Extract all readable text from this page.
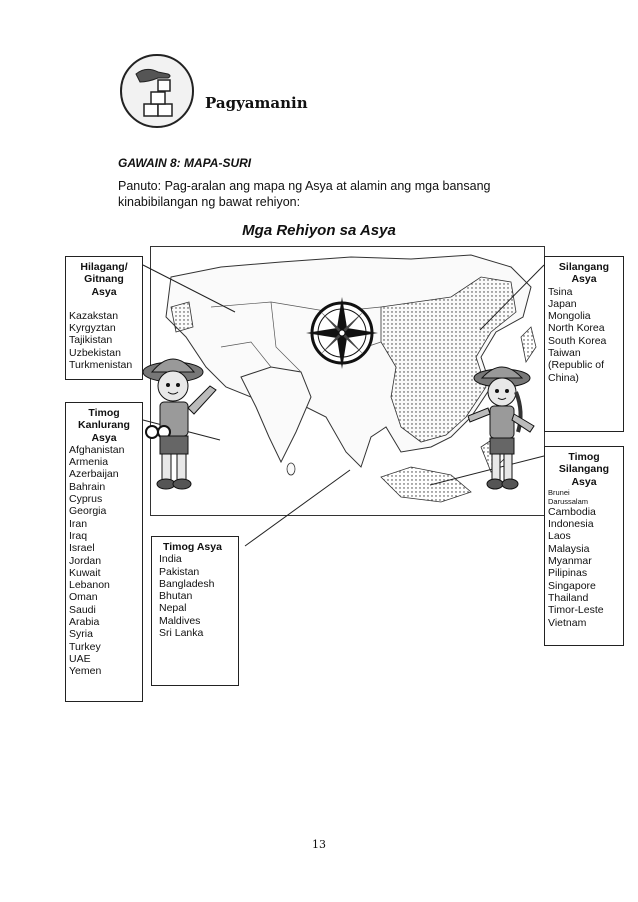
Pagyamanin
GAWAIN 8: MAPA-SURI
Panuto: Pag-aralan ang mapa ng Asya at alamin ang mga bansang kinabibilangan ng bawat rehiyon:
Mga Rehiyon sa Asya
Hilagang/
Gitnang
Asya
Kazakstan
Kyrgyztan
Tajikistan
Uzbekistan
Turkmenistan
Timog
Kanlurang
Asya
Afghanistan
Armenia
Azerbaijan
Bahrain
Cyprus
Georgia
Iran
Iraq
Israel
Jordan
Kuwait
Lebanon
Oman
Saudi
Arabia
Syria
Turkey
UAE
Yemen
Timog Asya
India
Pakistan
Bangladesh
Bhutan
Nepal
Maldives
Sri Lanka
Silangang
Asya
Tsina
Japan
Mongolia
North Korea
South Korea
Taiwan
(Republic of
China)
Timog
Silangang
Asya
Brunei
Darussalam
Cambodia
Indonesia
Laos
Malaysia
Myanmar
Pilipinas
Singapore
Thailand
Timor-Leste
Vietnam
13
